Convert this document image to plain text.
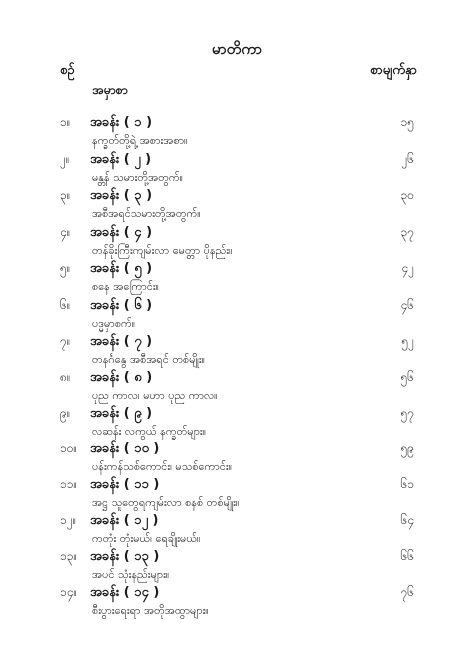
မာတိကာ
စဉ်	စာမျက်နှာ
အမှာစာ
၁။ အခန်း ( ၁ )	၁၅
နက္ခတ်တို့ရဲ့ အစားအစာ။
၂။ အခန်း ( ၂ )	၂၆
မန္တန် သမားတို့အတွက်။
၃။ အခန်း ( ၃ )	၃၀
အစီအရင်သမားတို့အတွက်။
၄။ အခန်း ( ၄ )	၃၇
တန်ခိုးကြီးကျမ်းလာ မေတ္တာ ပိုနည်း။
၅။ အခန်း ( ၅ )	၄၂
စနေ အကြောင်း။
၆။ အခန်း ( ၆ )	၄၆
ပဒ္မမှာစက်။
၇။ အခန်း ( ၇ )	၅၂
တနင်္ဂနွေ အစီအရင် တစ်မျိုး။
၈။ အခန်း ( ၈ )	၅၆
ပုည ကာလ၊ မဟာ ပုည ကာလ။
၉။ အခန်း ( ၉ )	၅၇
လဆန်း လကွယ် နက္ခတ်များ။
၁၀။ အခန်း ( ၁၀ )	၅၉
ပန်းကန်သစ်ကောင်း၊ မသစ်ကောင်း။
၁၁။ အခန်း ( ၁၁ )	၆၁
အဋ္ဌ သူတွေရကျမ်းလာ စနစ် တစ်မျိုး။
၁၂။ အခန်း ( ၁၂ )	၆၄
ကတုံး တုံးမယ်၊ ရေချိုးမယ်။
၁၃။ အခန်း ( ၁၃ )	၆၆
အပင် သုံးနည်းများ။
၁၄။ အခန်း ( ၁၄ )	၇၆
စီးပွားရေးရာ အတိုအထွာများ။
